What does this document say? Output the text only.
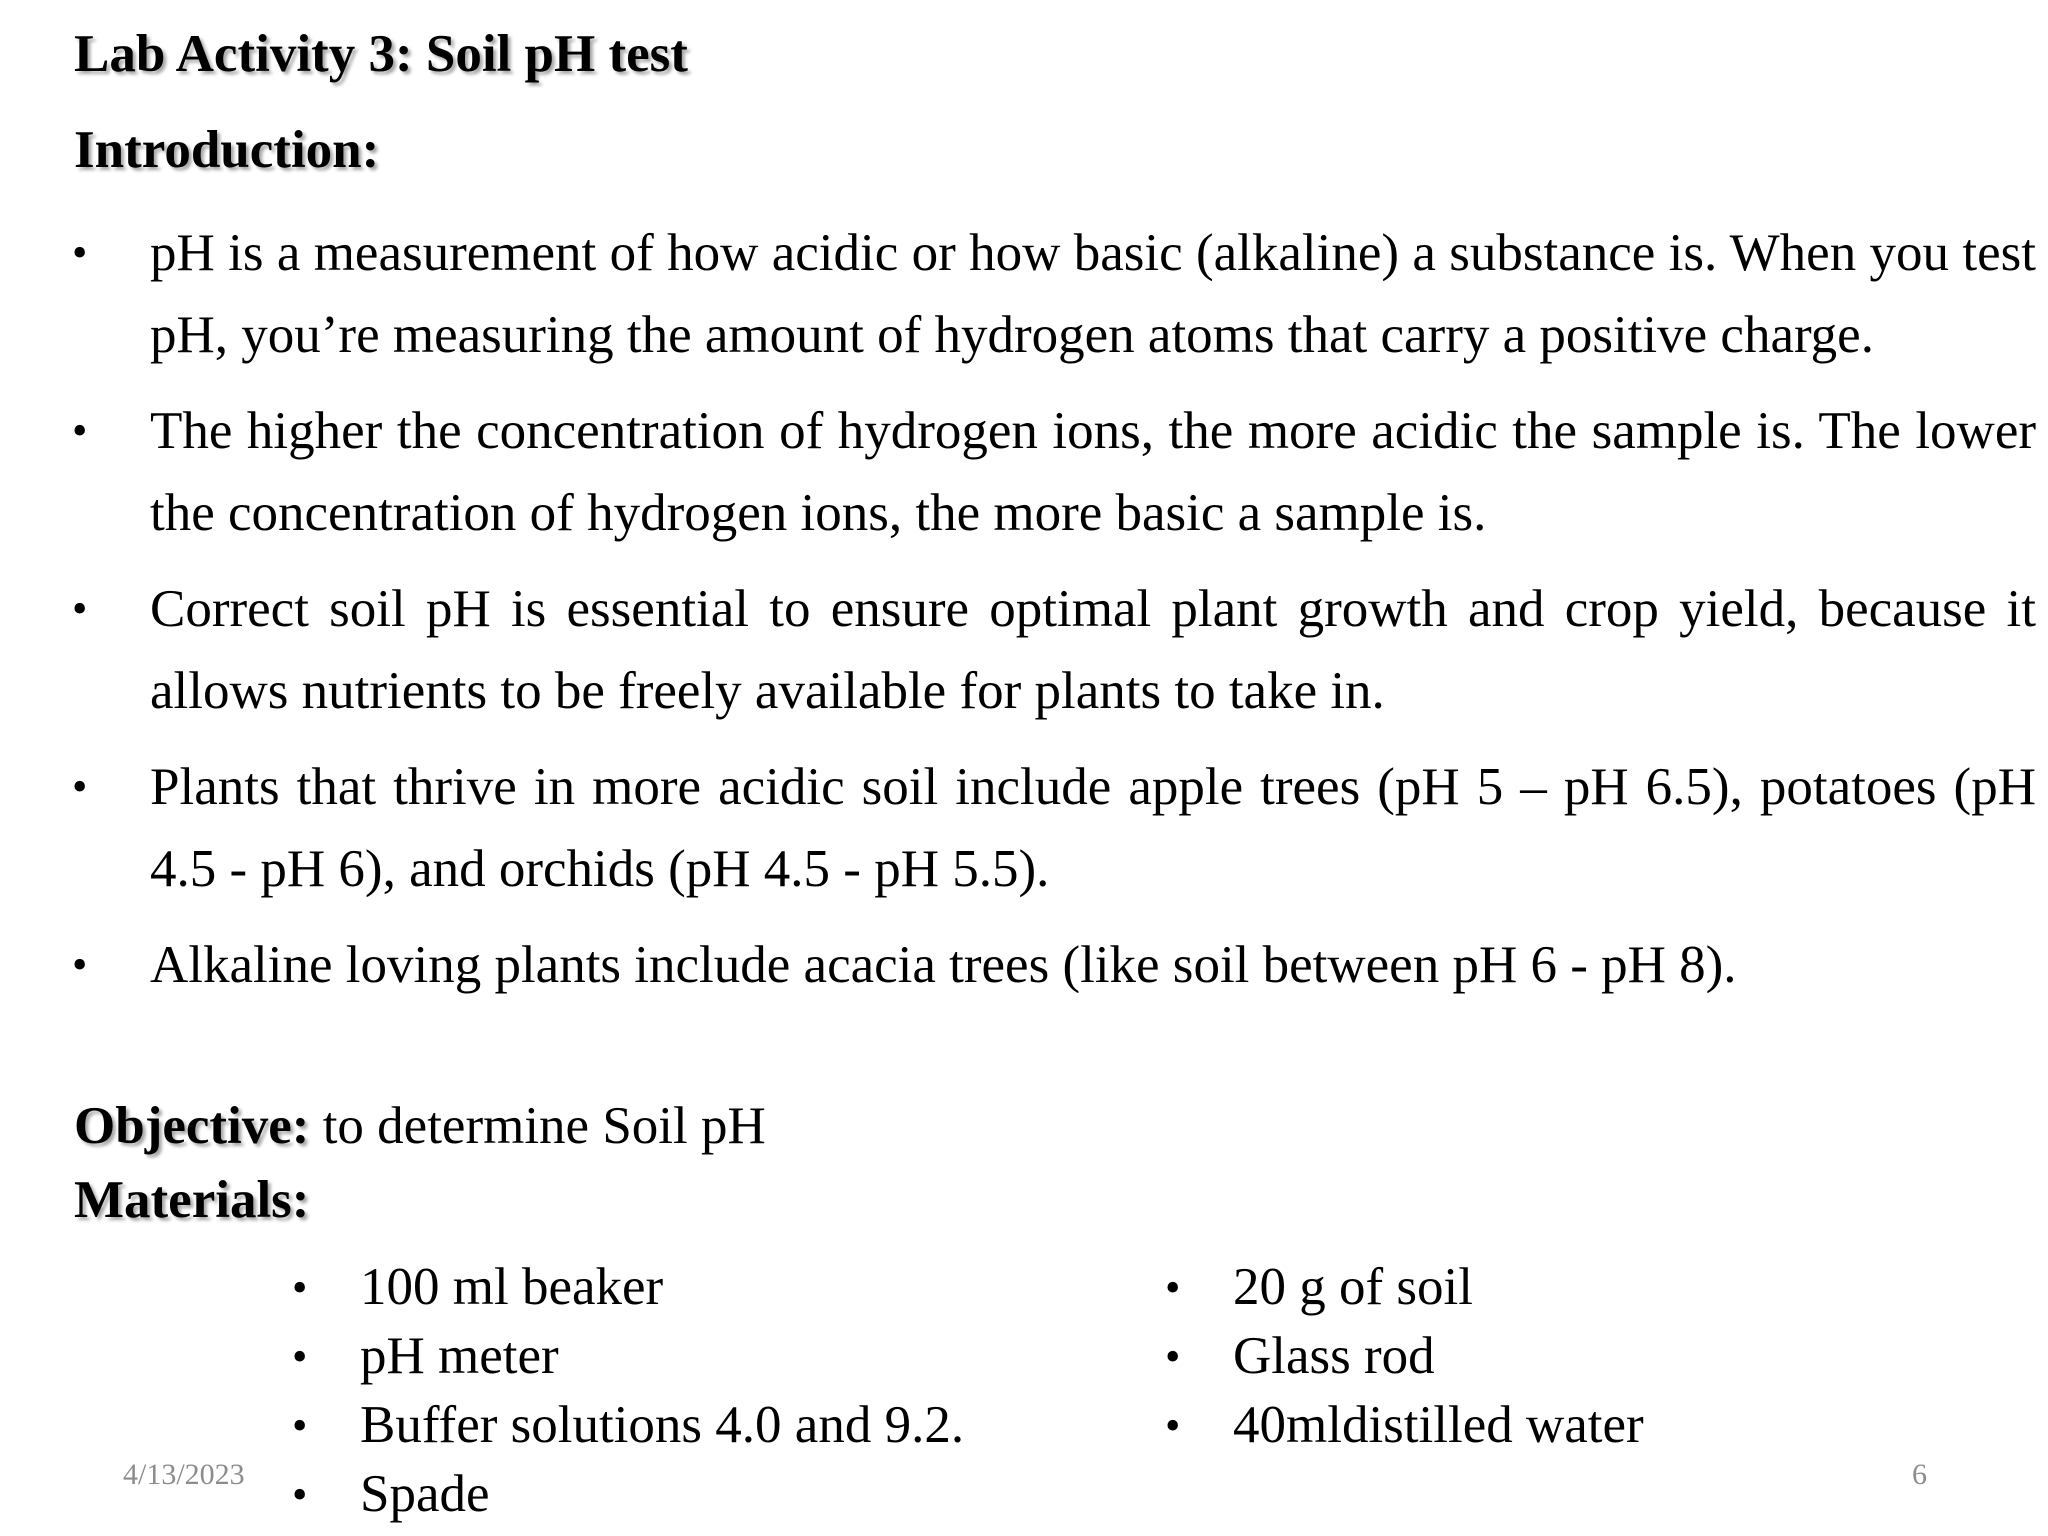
Lab Activity 3: Soil pH test
Introduction:
• pH is a measurement of how acidic or how basic (alkaline) a substance is. When you test pH, you’re measuring the amount of hydrogen atoms that carry a positive charge.
• The higher the concentration of hydrogen ions, the more acidic the sample is. The lower the concentration of hydrogen ions, the more basic a sample is.
• Correct soil pH is essential to ensure optimal plant growth and crop yield, because it allows nutrients to be freely available for plants to take in.
• Plants that thrive in more acidic soil include apple trees (pH 5 – pH 6.5), potatoes (pH 4.5 - pH 6), and orchids (pH 4.5 - pH 5.5).
• Alkaline loving plants include acacia trees (like soil between pH 6 - pH 8).
Objective: to determine Soil pH
Materials:
• 100 ml beaker
• pH meter
• Buffer solutions 4.0 and 9.2.
• Spade
• 20 g of soil
• Glass rod
• 40mldistilled water
4/13/2023	6
